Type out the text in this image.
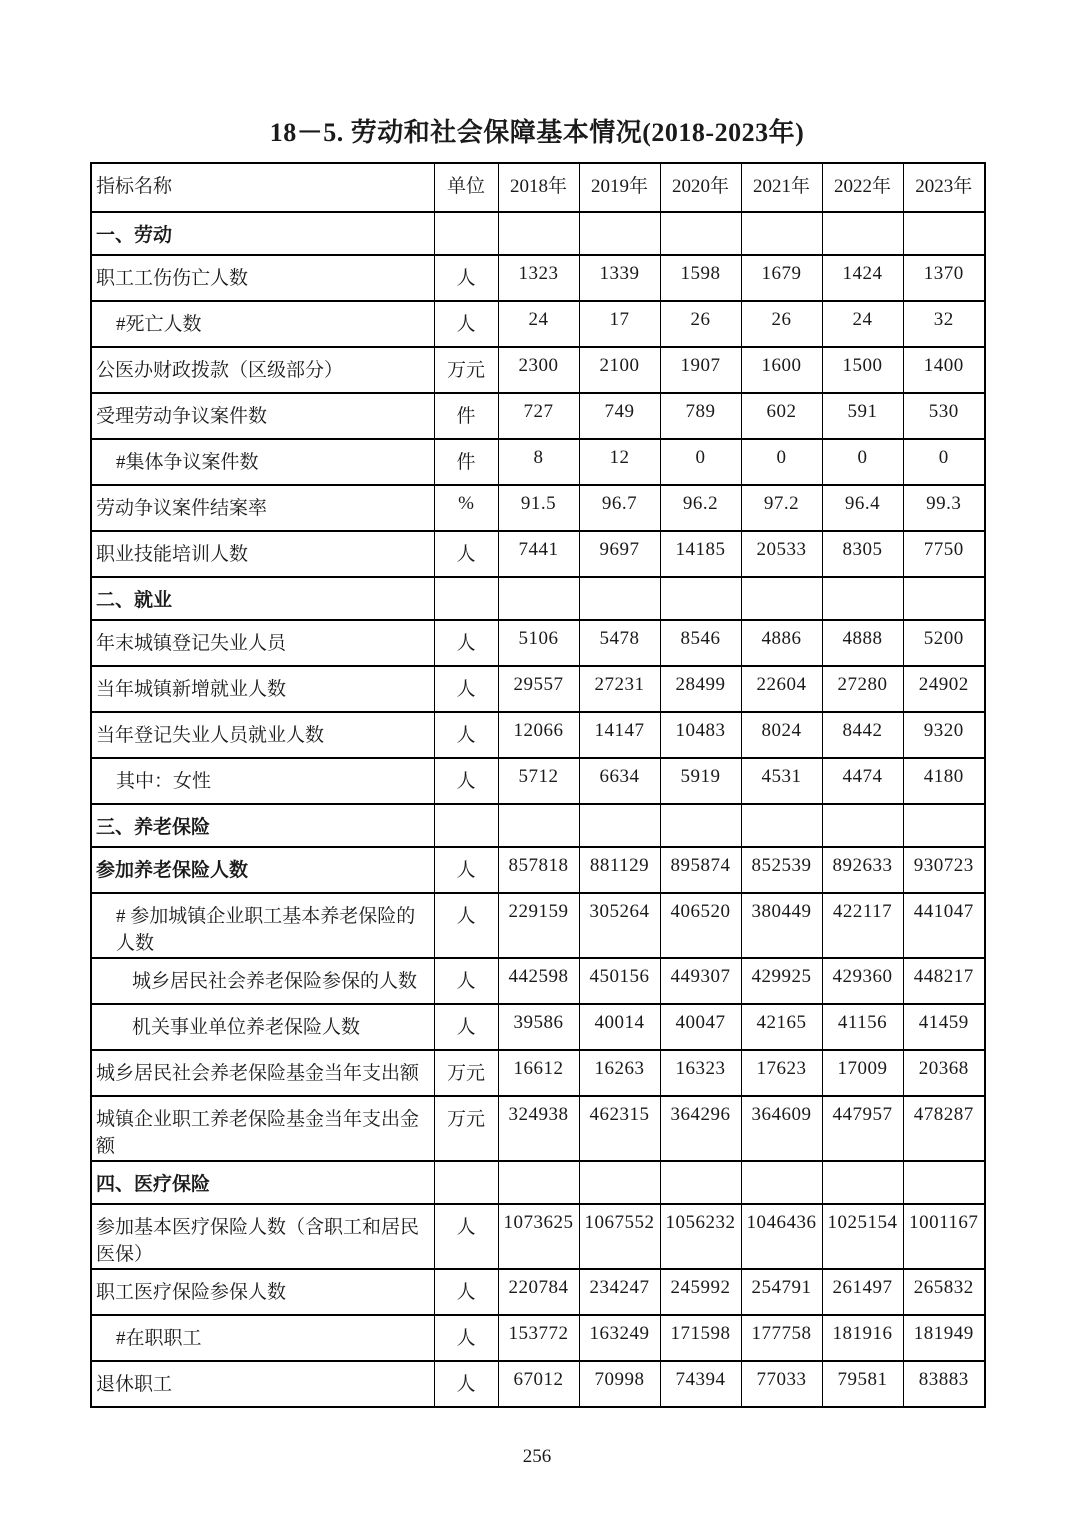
18－5. 劳动和社会保障基本情况(2018-2023年)
指标名称	单位	2018年	2019年	2020年	2021年	2022年	2023年
一、劳动							
职工工伤伤亡人数	人	1323	1339	1598	1679	1424	1370
#死亡人数	人	24	17	26	26	24	32
公医办财政拨款（区级部分）	万元	2300	2100	1907	1600	1500	1400
受理劳动争议案件数	件	727	749	789	602	591	530
#集体争议案件数	件	8	12	0	0	0	0
劳动争议案件结案率	%	91.5	96.7	96.2	97.2	96.4	99.3
职业技能培训人数	人	7441	9697	14185	20533	8305	7750
二、就业							
年末城镇登记失业人员	人	5106	5478	8546	4886	4888	5200
当年城镇新增就业人数	人	29557	27231	28499	22604	27280	24902
当年登记失业人员就业人数	人	12066	14147	10483	8024	8442	9320
其中：女性	人	5712	6634	5919	4531	4474	4180
三、养老保险							
参加养老保险人数	人	857818	881129	895874	852539	892633	930723
# 参加城镇企业职工基本养老保险的人数	人	229159	305264	406520	380449	422117	441047
城乡居民社会养老保险参保的人数	人	442598	450156	449307	429925	429360	448217
机关事业单位养老保险人数	人	39586	40014	40047	42165	41156	41459
城乡居民社会养老保险基金当年支出额	万元	16612	16263	16323	17623	17009	20368
城镇企业职工养老保险基金当年支出金额	万元	324938	462315	364296	364609	447957	478287
四、医疗保险							
参加基本医疗保险人数（含职工和居民医保）	人	1073625	1067552	1056232	1046436	1025154	1001167
职工医疗保险参保人数	人	220784	234247	245992	254791	261497	265832
#在职职工	人	153772	163249	171598	177758	181916	181949
退休职工	人	67012	70998	74394	77033	79581	83883
256
